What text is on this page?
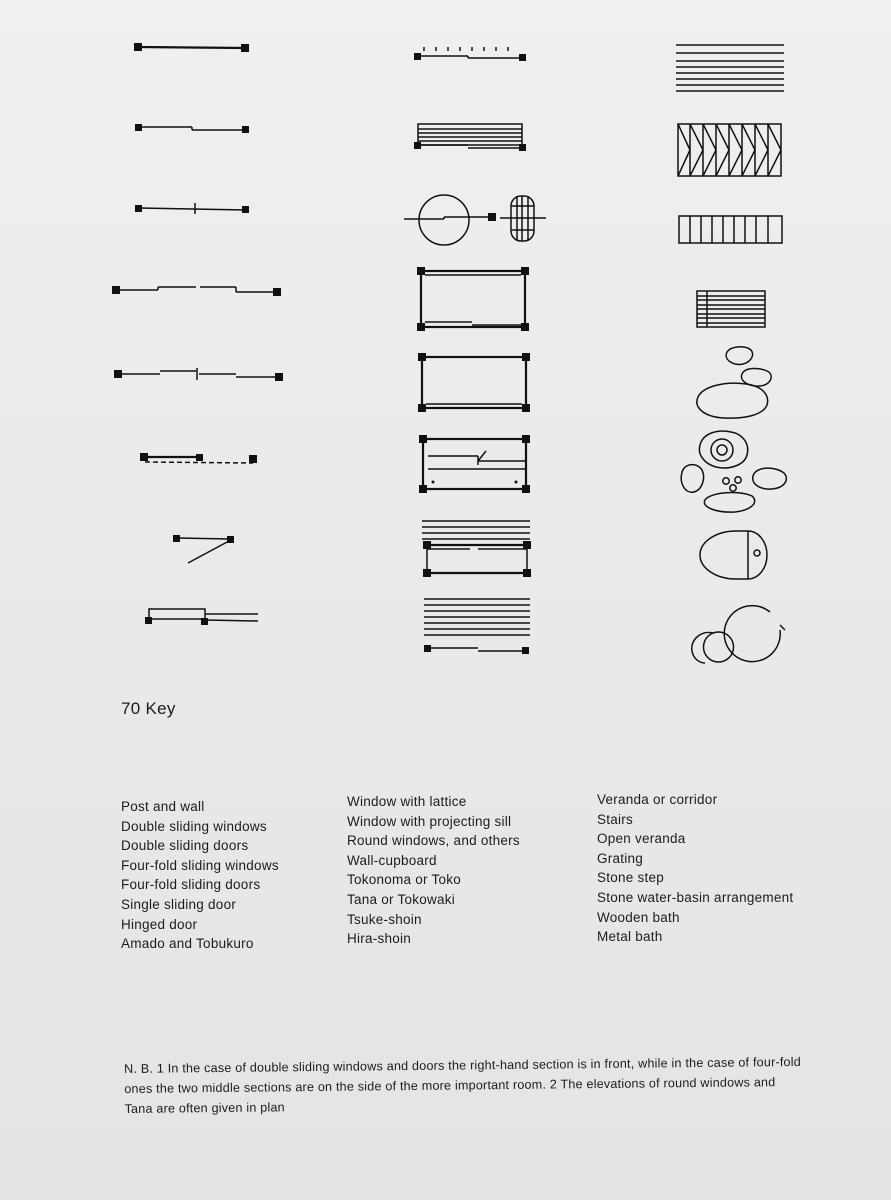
70 Key
Post and wall
Double sliding windows
Double sliding doors
Four-fold sliding windows
Four-fold sliding doors
Single sliding door
Hinged door
Amado and Tobukuro
Window with lattice
Window with projecting sill
Round windows, and others
Wall-cupboard
Tokonoma or Toko
Tana or Tokowaki
Tsuke-shoin
Hira-shoin
Veranda or corridor
Stairs
Open veranda
Grating
Stone step
Stone water-basin arrangement
Wooden bath
Metal bath

N. B. 1 In the case of double sliding windows and doors the right-hand section is in front, while in the case of four-fold ones the two middle sections are on the side of the more important room. 2 The elevations of round windows and Tana are often given in plan
